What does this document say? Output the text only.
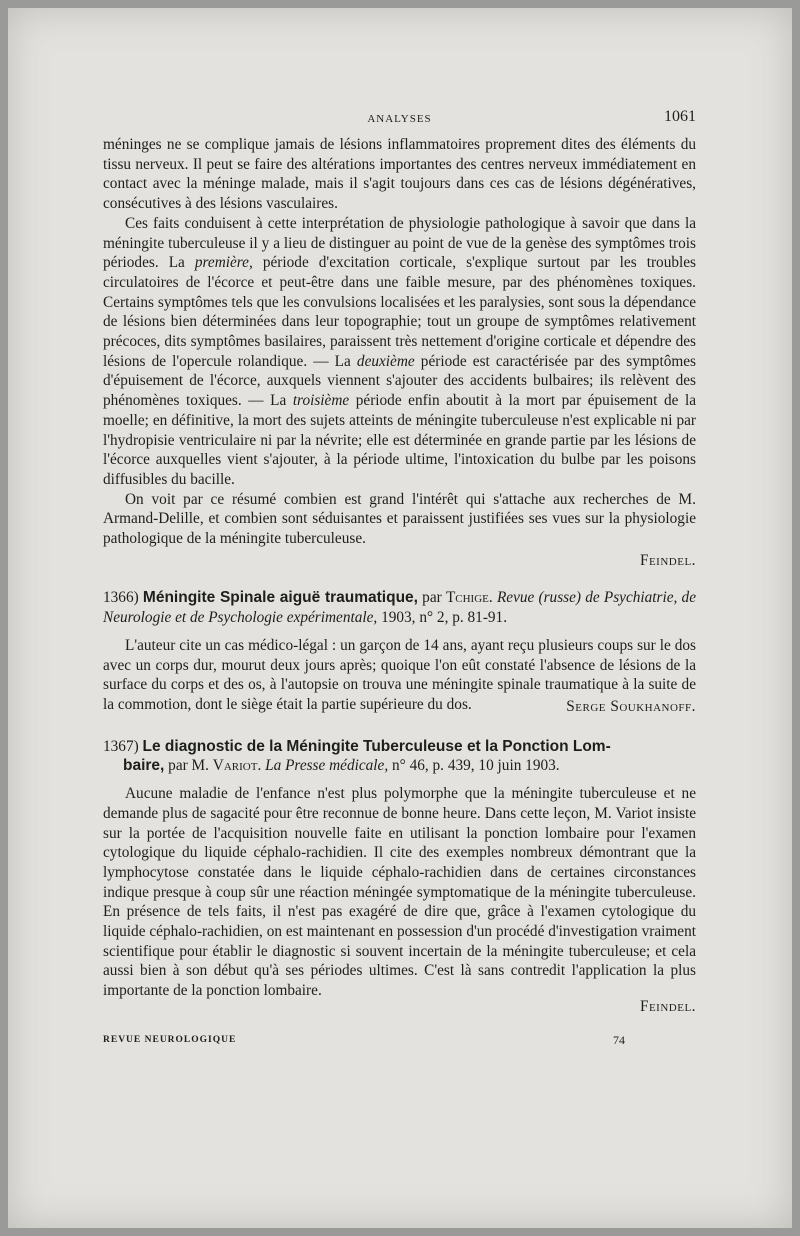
ANALYSES	1061

méninges ne se complique jamais de lésions inflammatoires proprement dites des éléments du tissu nerveux. Il peut se faire des altérations importantes des centres nerveux immédiatement en contact avec la méninge malade, mais il s'agit toujours dans ces cas de lésions dégénératives, consécutives à des lésions vasculaires.

Ces faits conduisent à cette interprétation de physiologie pathologique à savoir que dans la méningite tuberculeuse il y a lieu de distinguer au point de vue de la genèse des symptômes trois périodes. La première, période d'excitation corticale, s'explique surtout par les troubles circulatoires de l'écorce et peut-être dans une faible mesure, par des phénomènes toxiques. Certains symptômes tels que les convulsions localisées et les paralysies, sont sous la dépendance de lésions bien déterminées dans leur topographie; tout un groupe de symptômes relativement précoces, dits symptômes basilaires, paraissent très nettement d'origine corticale et dépendre des lésions de l'opercule rolandique. — La deuxième période est caractérisée par des symptômes d'épuisement de l'écorce, auxquels viennent s'ajouter des accidents bulbaires; ils relèvent des phénomènes toxiques. — La troisième période enfin aboutit à la mort par épuisement de la moelle; en définitive, la mort des sujets atteints de méningite tuberculeuse n'est explicable ni par l'hydropisie ventriculaire ni par la névrite; elle est déterminée en grande partie par les lésions de l'écorce auxquelles vient s'ajouter, à la période ultime, l'intoxication du bulbe par les poisons diffusibles du bacille.

On voit par ce résumé combien est grand l'intérêt qui s'attache aux recherches de M. Armand-Delille, et combien sont séduisantes et paraissent justifiées ses vues sur la physiologie pathologique de la méningite tuberculeuse.

Feindel.

1366) Méningite Spinale aiguë traumatique, par Tchige. Revue (russe) de Psychiatrie, de Neurologie et de Psychologie expérimentale, 1903, n° 2, p. 81-91.

L'auteur cite un cas médico-légal : un garçon de 14 ans, ayant reçu plusieurs coups sur le dos avec un corps dur, mourut deux jours après; quoique l'on eût constaté l'absence de lésions de la surface du corps et des os, à l'autopsie on trouva une méningite spinale traumatique à la suite de la commotion, dont le siège était la partie supérieure du dos.	Serge Soukhanoff.

1367) Le diagnostic de la Méningite Tuberculeuse et la Ponction Lom-
baire, par M. Variot. La Presse médicale, n° 46, p. 439, 10 juin 1903.

Aucune maladie de l'enfance n'est plus polymorphe que la méningite tuberculeuse et ne demande plus de sagacité pour être reconnue de bonne heure. Dans cette leçon, M. Variot insiste sur la portée de l'acquisition nouvelle faite en utilisant la ponction lombaire pour l'examen cytologique du liquide céphalo-rachidien. Il cite des exemples nombreux démontrant que la lymphocytose constatée dans le liquide céphalo-rachidien dans de certaines circonstances indique presque à coup sûr une réaction méningée symptomatique de la méningite tuberculeuse. En présence de tels faits, il n'est pas exagéré de dire que, grâce à l'examen cytologique du liquide céphalo-rachidien, on est maintenant en possession d'un procédé d'investigation vraiment scientifique pour établir le diagnostic si souvent incertain de la méningite tuberculeuse; et cela aussi bien à son début qu'à ses périodes ultimes. C'est là sans contredit l'application la plus importante de la ponction lombaire.

Feindel.

REVUE NEUROLOGIQUE	74
